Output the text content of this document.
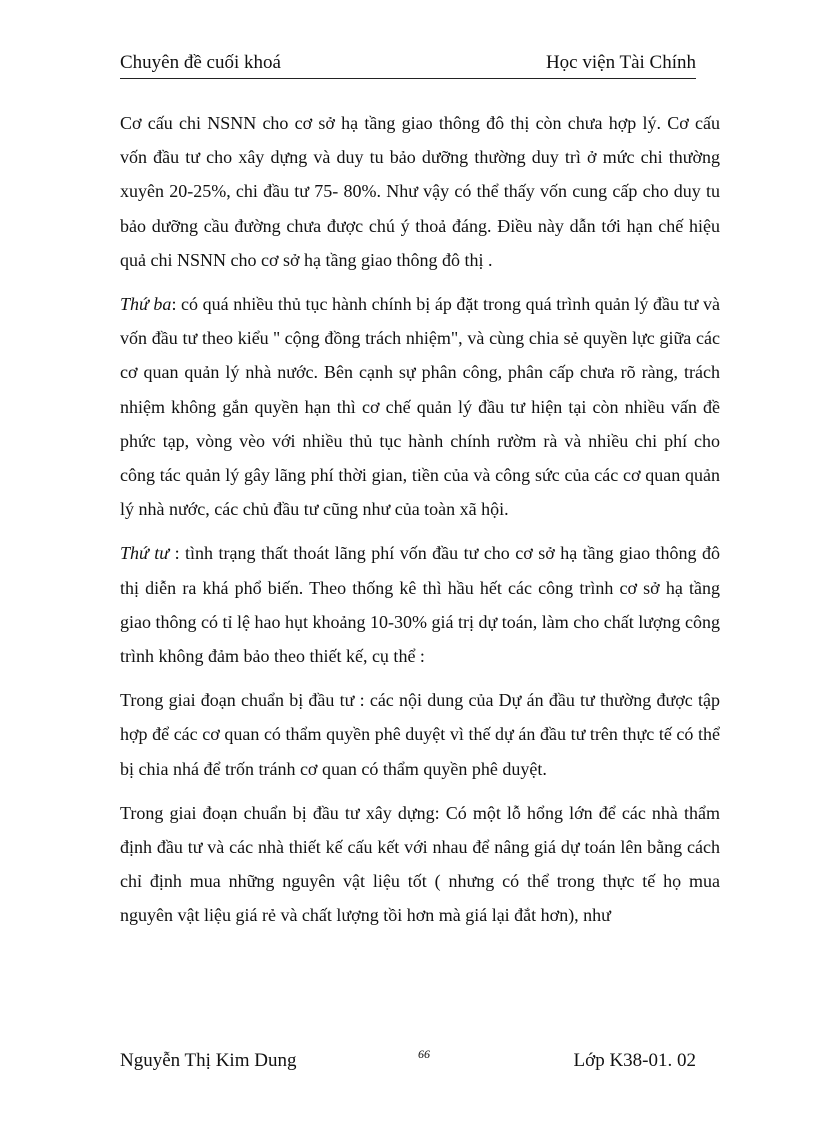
Chuyên đề cuối khoá	Học viện Tài Chính

Cơ cấu chi NSNN cho cơ sở hạ tầng giao thông đô thị còn chưa hợp lý. Cơ cấu vốn đầu tư cho xây dựng và duy tu bảo dưỡng thường duy trì ở mức chi thường xuyên 20-25%, chi đầu tư 75- 80%. Như vậy có thể thấy vốn cung cấp cho duy tu bảo dưỡng cầu đường chưa được chú ý thoả đáng. Điều này dẫn tới hạn chế hiệu quả chi NSNN cho cơ sở hạ tầng giao thông đô thị .

Thứ ba: có quá nhiều thủ tục hành chính bị áp đặt trong quá trình quản lý đầu tư và vốn đầu tư theo kiểu '' cộng đồng trách nhiệm", và cùng chia sẻ quyền lực giữa các cơ quan quản lý nhà nước. Bên cạnh sự phân công, phân cấp chưa rõ ràng, trách nhiệm không gắn quyền hạn thì cơ chế quản lý đầu tư hiện tại còn nhiều vấn đề phức tạp, vòng vèo với nhiều thủ tục hành chính rườm rà và nhiều chi phí cho công tác quản lý gây lãng phí thời gian, tiền của và công sức của các cơ quan quản lý nhà nước, các chủ đầu tư cũng như của toàn xã hội.

Thứ tư : tình trạng thất thoát lãng phí vốn đầu tư cho cơ sở hạ tầng giao thông đô thị diễn ra khá phổ biến. Theo thống kê thì hầu hết các công trình cơ sở hạ tầng giao thông có tỉ lệ hao hụt khoảng 10-30% giá trị dự toán, làm cho chất lượng công trình không đảm bảo theo thiết kế, cụ thể :

Trong giai đoạn chuẩn bị đầu tư : các nội dung của Dự án đầu tư thường được tập hợp để các cơ quan có thẩm quyền phê duyệt vì thế dự án đầu tư trên thực tế có thể bị chia nhá để trốn tránh cơ quan có thẩm quyền phê duyệt.

Trong giai đoạn chuẩn bị đầu tư xây dựng: Có một lỗ hổng lớn để các nhà thẩm định đầu tư và các nhà thiết kế cấu kết với nhau để nâng giá dự toán lên bằng cách chỉ định mua những nguyên vật liệu tốt ( nhưng có thể trong thực tế họ mua nguyên vật liệu giá rẻ và chất lượng tồi hơn mà giá lại đắt hơn), như

Nguyễn Thị Kim Dung	66	Lớp K38-01. 02
